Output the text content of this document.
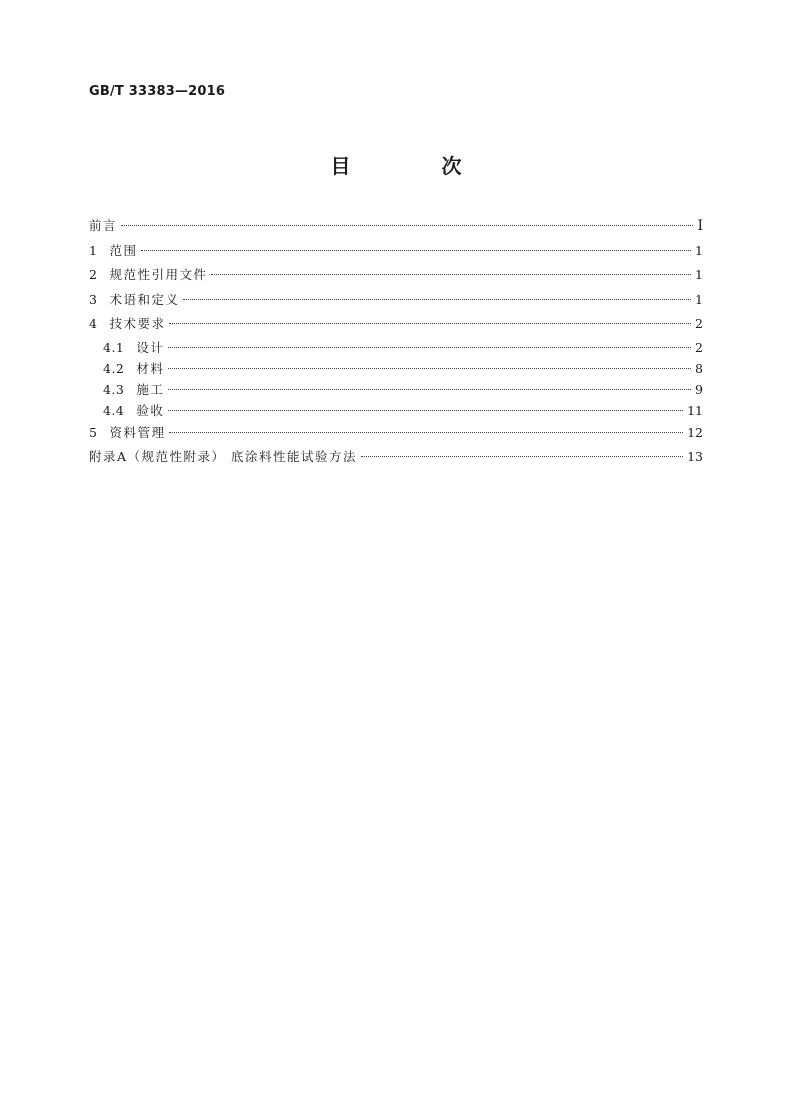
GB/T 33383—2016
目 次
前言	I
1 范围	1
2 规范性引用文件	1
3 术语和定义	1
4 技术要求	2
4.1 设计	2
4.2 材料	8
4.3 施工	9
4.4 验收	11
5 资料管理	12
附录A（规范性附录） 底涂料性能试验方法	13
